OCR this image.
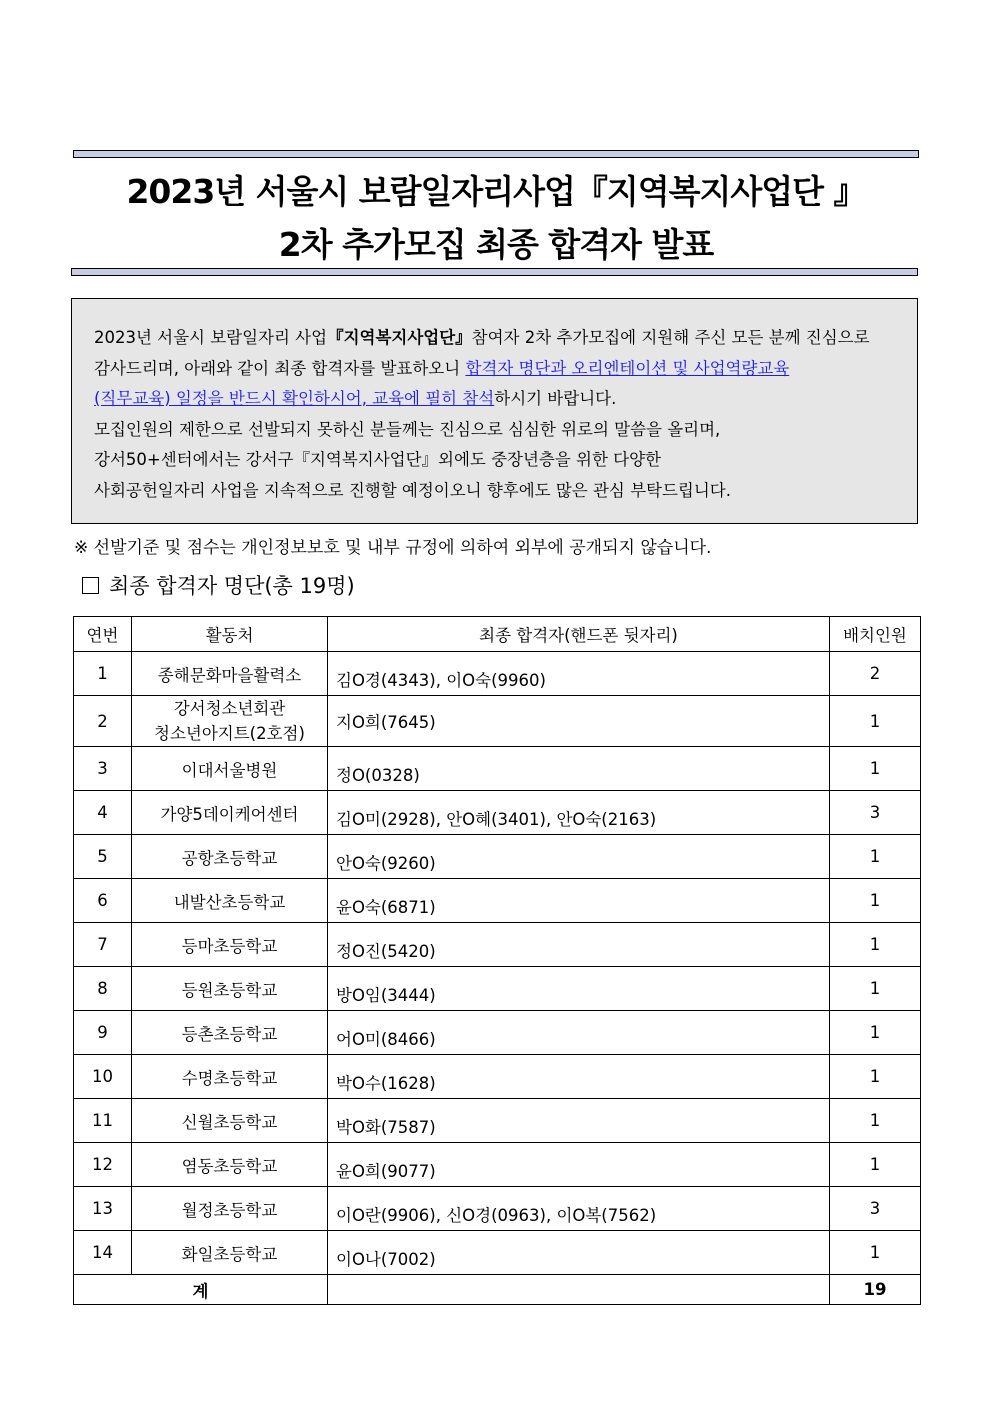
2023년 서울시 보람일자리사업『지역복지사업단 』
2차 추가모집 최종 합격자 발표

2023년 서울시 보람일자리 사업『지역복지사업단』참여자 2차 추가모집에 지원해 주신 모든 분께 진심으로

감사드리며, 아래와 같이 최종 합격자를 발표하오니 합격자 명단과 오리엔테이션 및 사업역량교육

(직무교육) 일정을 반드시 확인하시어, 교육에 필히 참석하시기 바랍니다.

모집인원의 제한으로 선발되지 못하신 분들께는 진심으로 심심한 위로의 말씀을 올리며,

강서50+센터에서는 강서구『지역복지사업단』외에도 중장년층을 위한 다양한

사회공헌일자리 사업을 지속적으로 진행할 예정이오니 향후에도 많은 관심 부탁드립니다.

※ 선발기준 및 점수는 개인정보보호 및 내부 규정에 의하여 외부에 공개되지 않습니다.
최종 합격자 명단(총 19명)
연번	활동처	최종 합격자(핸드폰 뒷자리)	배치인원
1	종해문화마을활력소	김O경(4343), 이O숙(9960)	2
2	강서청소년회관
청소년아지트(2호점)	지O희(7645)	1
3	이대서울병원	정O(0328)	1
4	가양5데이케어센터	김O미(2928), 안O혜(3401), 안O숙(2163)	3
5	공항초등학교	안O숙(9260)	1
6	내발산초등학교	윤O숙(6871)	1
7	등마초등학교	정O진(5420)	1
8	등원초등학교	방O임(3444)	1
9	등촌초등학교	어O미(8466)	1
10	수명초등학교	박O수(1628)	1
11	신월초등학교	박O화(7587)	1
12	염동초등학교	윤O희(9077)	1
13	월정초등학교	이O란(9906), 신O경(0963), 이O복(7562)	3
14	화일초등학교	이O나(7002)	1
계			19
